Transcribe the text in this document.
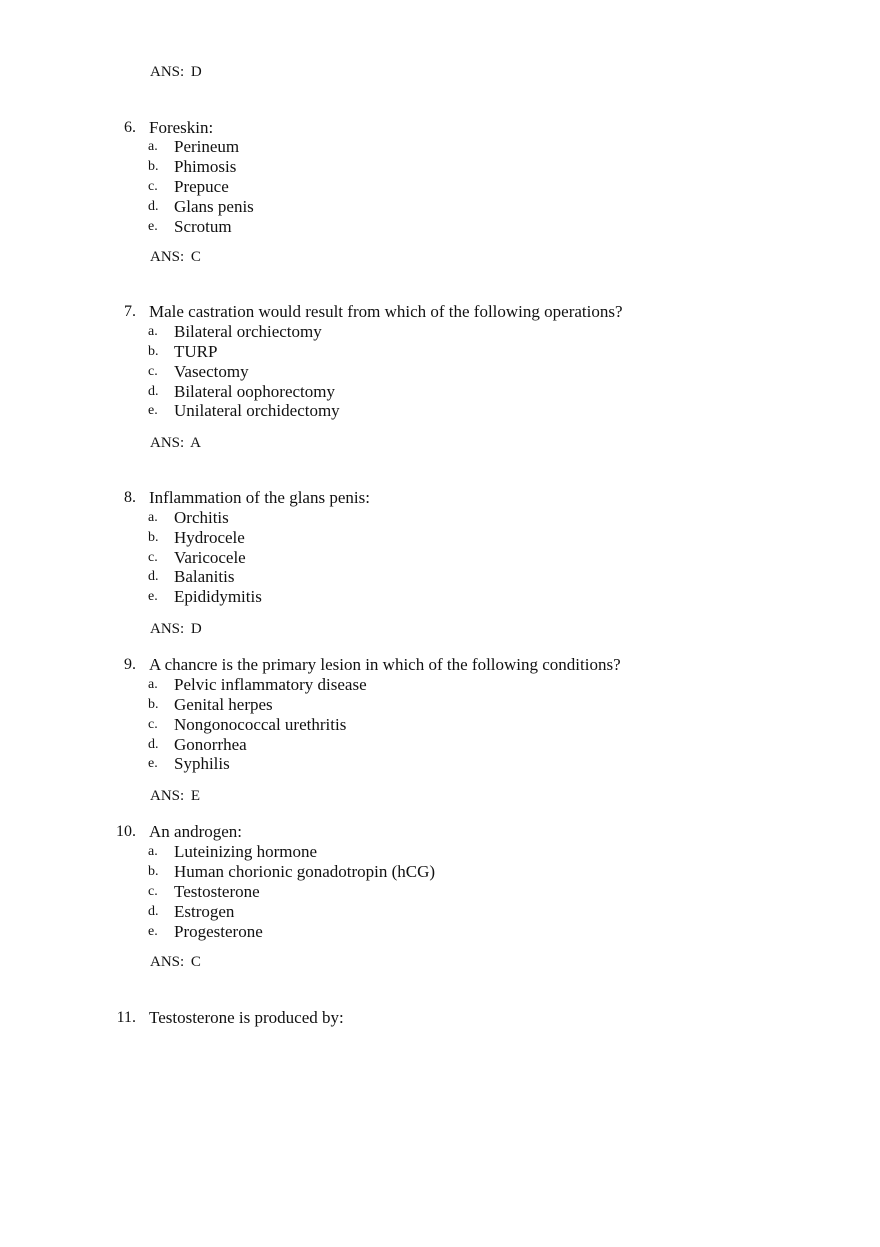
ANS: D
6. Foreskin:
a. Perineum
b. Phimosis
c. Prepuce
d. Glans penis
e. Scrotum
ANS: C
7. Male castration would result from which of the following operations?
a. Bilateral orchiectomy
b. TURP
c. Vasectomy
d. Bilateral oophorectomy
e. Unilateral orchidectomy
ANS: A
8. Inflammation of the glans penis:
a. Orchitis
b. Hydrocele
c. Varicocele
d. Balanitis
e. Epididymitis
ANS: D
9. A chancre is the primary lesion in which of the following conditions?
a. Pelvic inflammatory disease
b. Genital herpes
c. Nongonococcal urethritis
d. Gonorrhea
e. Syphilis
ANS: E
10. An androgen:
a. Luteinizing hormone
b. Human chorionic gonadotropin (hCG)
c. Testosterone
d. Estrogen
e. Progesterone
ANS: C
11. Testosterone is produced by:
